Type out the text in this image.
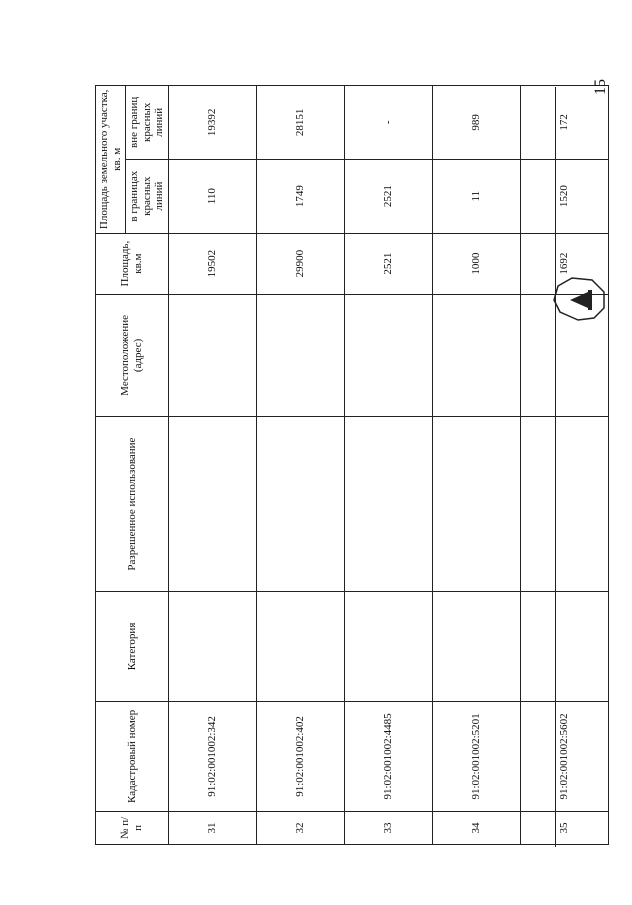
№ п/п	Кадастровый номер	Категория	Разрешенное использование	Местоположение (адрес)	Площадь, кв.м	Площадь земельного участка, кв. м	
						в границах красных линий	вне границ красных линий
31	91:02:001002:342				19502	110	19392
32	91:02:001002:402				29900	1749	28151
33	91:02:001002:4485				2521	2521	-
34	91:02:001002:5201				1000	11	989
35	91:02:001002:5602				1692	1520	172
15
